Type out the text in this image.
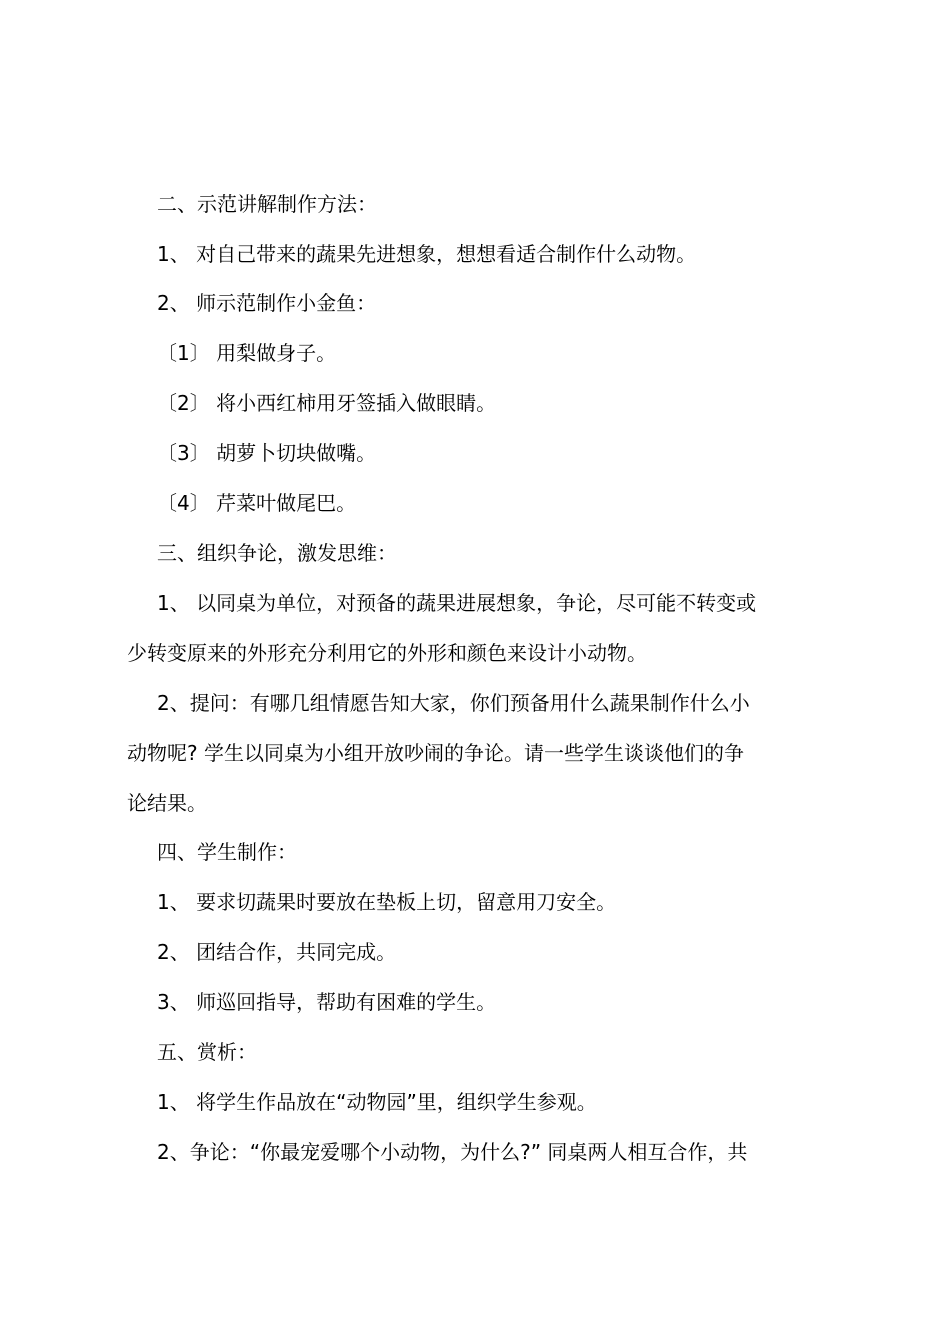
二、示范讲解制作方法：
1、 对自己带来的蔬果先进想象，想想看适合制作什么动物。
2、 师示范制作小金鱼：
〔1〕 用梨做身子。
〔2〕 将小西红柿用牙签插入做眼睛。
〔3〕 胡萝卜切块做嘴。
〔4〕 芹菜叶做尾巴。
三、组织争论，激发思维：
1、 以同桌为单位，对预备的蔬果进展想象，争论，尽可能不转变或
少转变原来的外形充分利用它的外形和颜色来设计小动物。
2、提问：有哪几组情愿告知大家，你们预备用什么蔬果制作什么小
动物呢? 学生以同桌为小组开放吵闹的争论。请一些学生谈谈他们的争
论结果。
四、学生制作：
1、 要求切蔬果时要放在垫板上切，留意用刀安全。
2、 团结合作，共同完成。
3、 师巡回指导，帮助有困难的学生。
五、赏析：
1、 将学生作品放在“动物园”里，组织学生参观。
2、争论：“你最宠爱哪个小动物，为什么?” 同桌两人相互合作，共
